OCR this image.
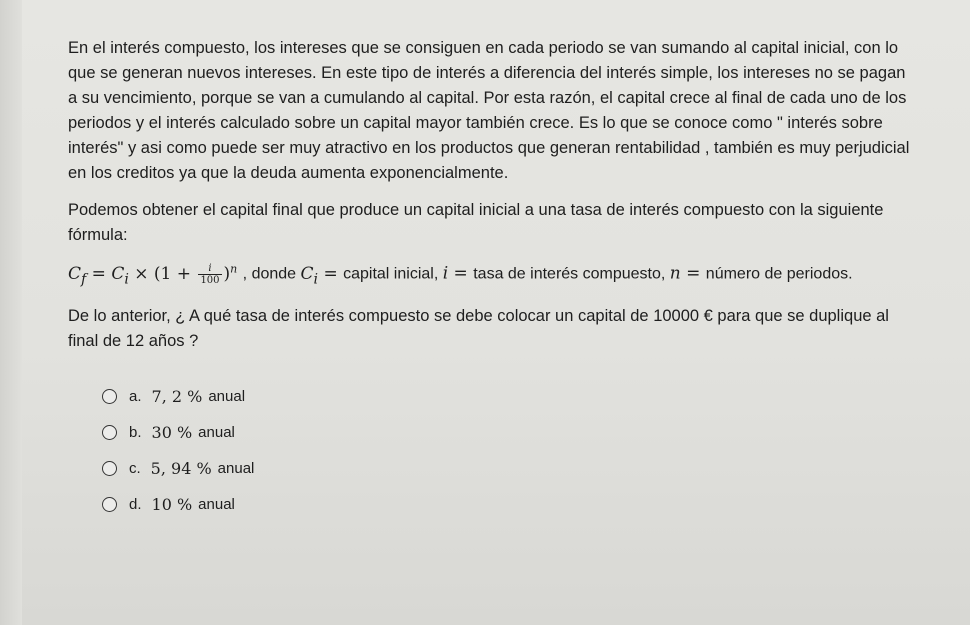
En el interés compuesto, los intereses que se consiguen en cada periodo se van sumando al capital inicial, con lo que se generan nuevos intereses. En este tipo de interés a diferencia del interés simple, los intereses no se pagan a su vencimiento, porque se van a cumulando al capital. Por esta razón, el capital crece al final de cada uno de los periodos y el interés calculado sobre un capital mayor también crece. Es lo que se conoce como " interés sobre interés" y asi como puede ser muy atractivo en los productos que generan rentabilidad , también es muy perjudicial en los creditos ya que la deuda aumenta exponencialmente.

Podemos obtener el capital final que produce un capital inicial a una tasa de interés compuesto con la siguiente fórmula:

$C_f = C_i \times (1 + \frac{i}{100} )^n$ , donde $C_i$ = capital inicial, i = tasa de interés compuesto, n = número de periodos.

De lo anterior, ¿ A qué tasa de interés compuesto se debe colocar un capital de 10000 € para que se duplique al final de 12 años ?

a. 7, 2 % anual
b. 30 % anual
c. 5, 94 % anual
d. 10 % anual
